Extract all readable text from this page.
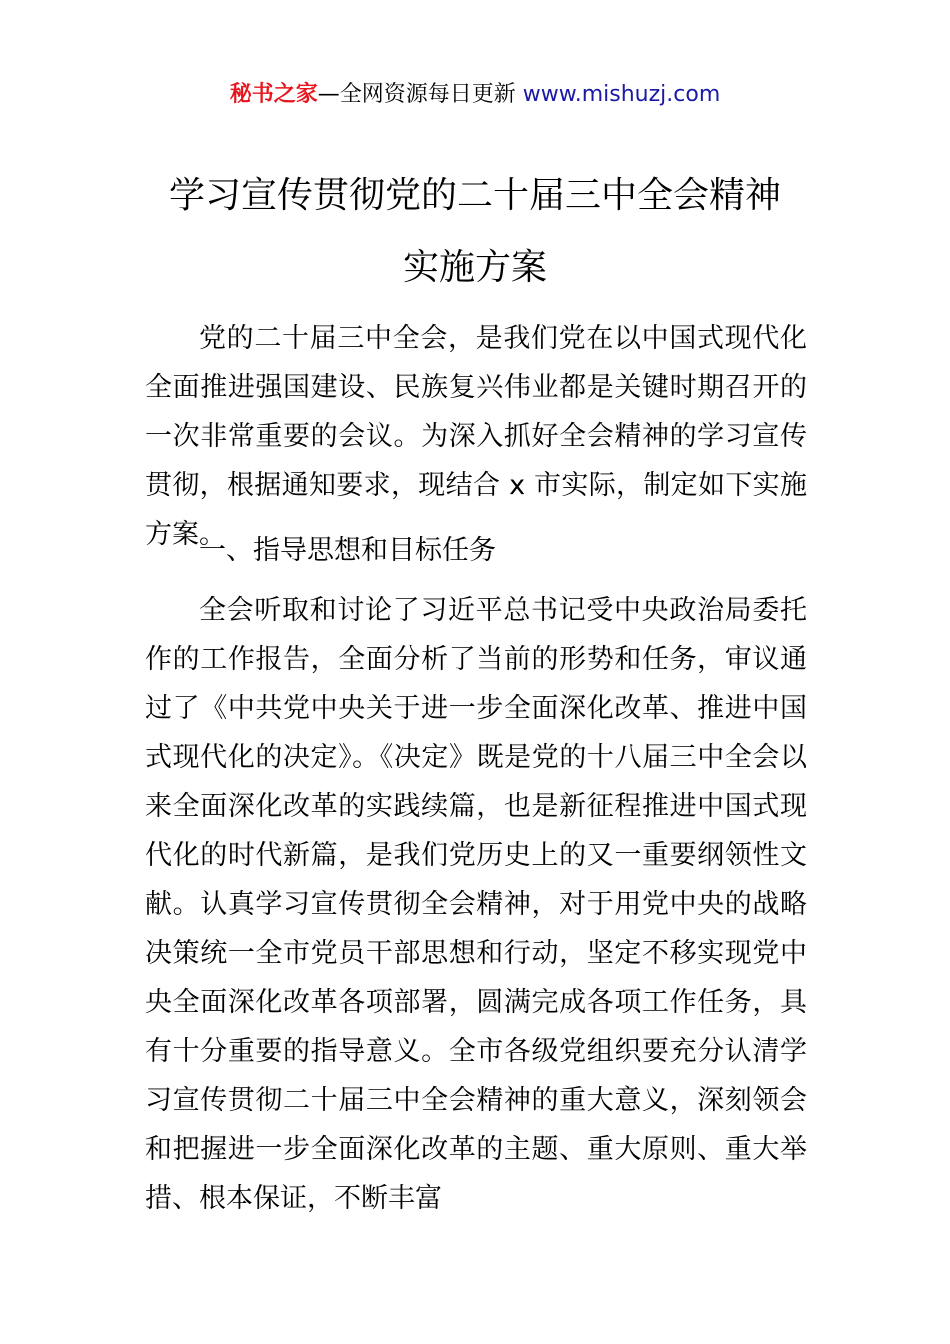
秘书之家—全网资源每日更新 www.mishuzj.com
学习宣传贯彻党的二十届三中全会精神
实施方案

党的二十届三中全会，是我们党在以中国式现代化全面推进强国建设、民族复兴伟业都是关键时期召开的一次非常重要的会议。为深入抓好全会精神的学习宣传贯彻，根据通知要求，现结合 x 市实际，制定如下实施方案。

一、指导思想和目标任务

全会听取和讨论了习近平总书记受中央政治局委托作的工作报告，全面分析了当前的形势和任务，审议通过了《中共党中央关于进一步全面深化改革、推进中国式现代化的决定》。《决定》既是党的十八届三中全会以来全面深化改革的实践续篇，也是新征程推进中国式现代化的时代新篇，是我们党历史上的又一重要纲领性文献。认真学习宣传贯彻全会精神，对于用党中央的战略决策统一全市党员干部思想和行动，坚定不移实现党中央全面深化改革各项部署，圆满完成各项工作任务，具有十分重要的指导意义。全市各级党组织要充分认清学习宣传贯彻二十届三中全会精神的重大意义，深刻领会和把握进一步全面深化改革的主题、重大原则、重大举措、根本保证，不断丰富
